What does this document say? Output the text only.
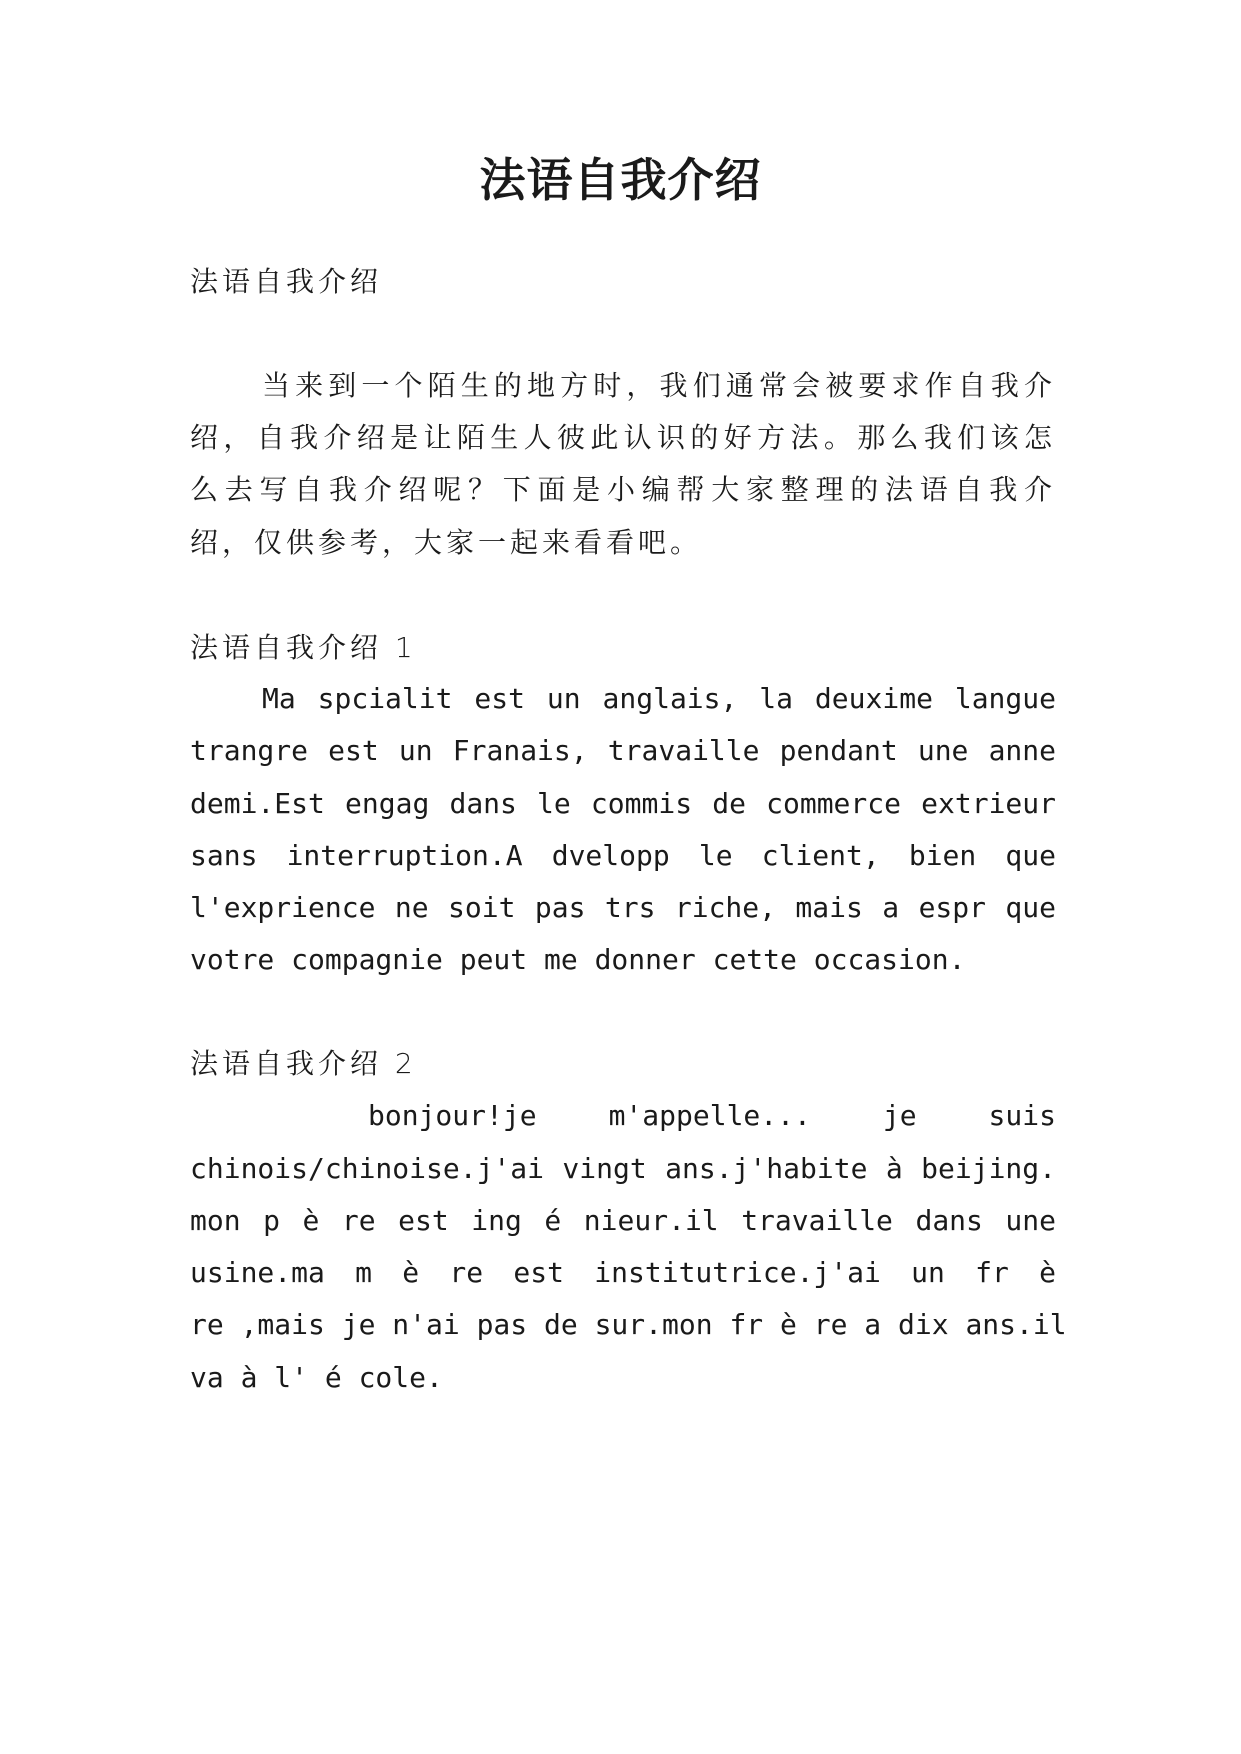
法语自我介绍

法语自我介绍

当来到一个陌生的地方时，我们通常会被要求作自我介

绍，自我介绍是让陌生人彼此认识的好方法。那么我们该怎

么去写自我介绍呢？下面是小编帮大家整理的法语自我介

绍，仅供参考，大家一起来看看吧。

法语自我介绍 1

Ma spcialit est un anglais, la deuxime langue

trangre est un Franais, travaille pendant une anne

demi.Est engag dans le commis de commerce extrieur

sans interruption.A dvelopp le client, bien que

l'exprience ne soit pas trs riche, mais a espr que

votre compagnie peut me donner cette occasion.

法语自我介绍 2

bonjour!je m'appelle... je suis

chinois/chinoise.j'ai vingt ans.j'habite à beijing.

mon p è re est ing é nieur.il travaille dans une

usine.ma m è re est institutrice.j'ai un fr è

re ,mais je n'ai pas de sur.mon fr è re a dix ans.il

va à l' é cole.
